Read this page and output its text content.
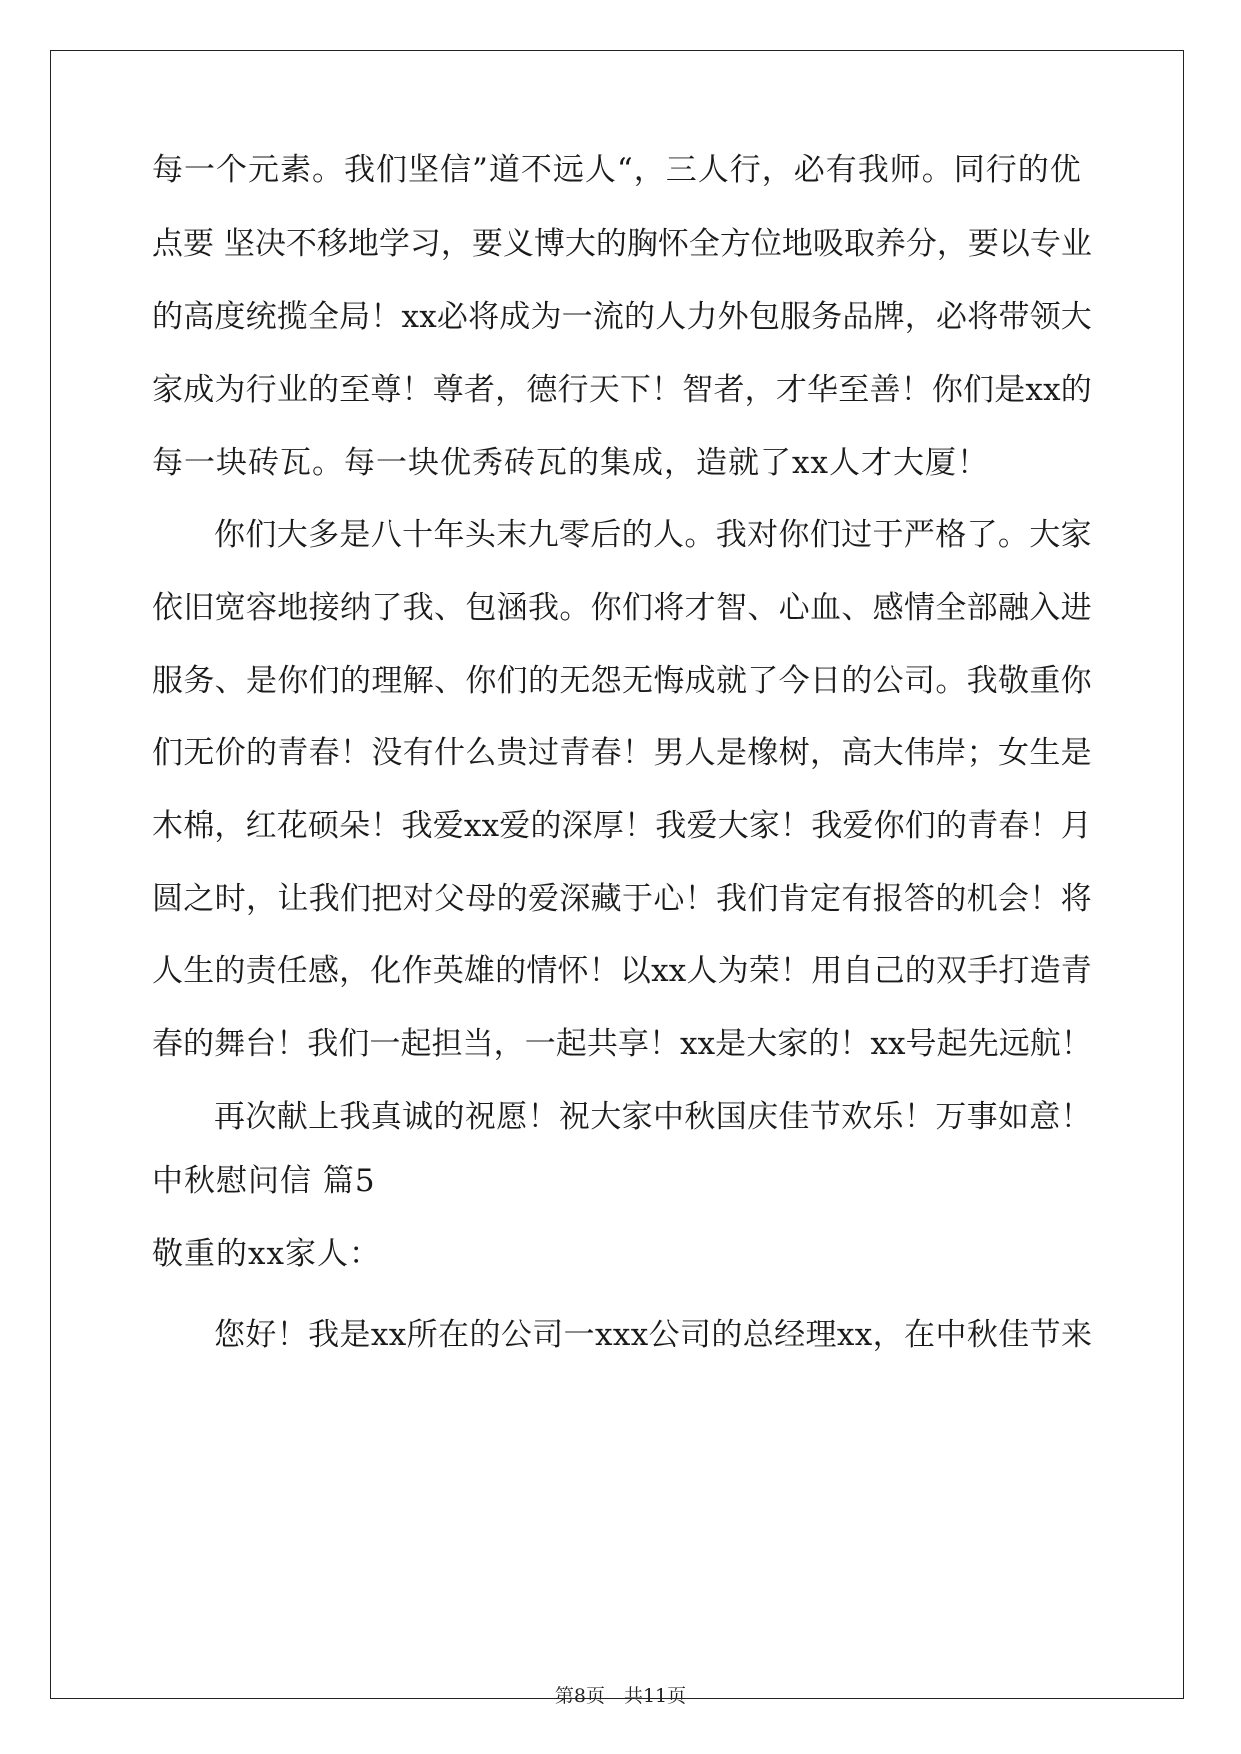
每一个元素。我们坚信”道不远人“，三人行，必有我师。同行的优
点要 坚决不移地学习，要义博大的胸怀全方位地吸取养分，要以专业
的高度统揽全局！xx必将成为一流的人力外包服务品牌，必将带领大
家成为行业的至尊！尊者，德行天下！智者，才华至善！你们是xx的
每一块砖瓦。每一块优秀砖瓦的集成，造就了xx人才大厦！
你们大多是八十年头末九零后的人。我对你们过于严格了。大家
依旧宽容地接纳了我、包涵我。你们将才智、心血、感情全部融入进
服务、是你们的理解、你们的无怨无悔成就了今日的公司。我敬重你
们无价的青春！没有什么贵过青春！男人是橡树，高大伟岸；女生是
木棉，红花硕朵！我爱xx爱的深厚！我爱大家！我爱你们的青春！月
圆之时，让我们把对父母的爱深藏于心！我们肯定有报答的机会！将
人生的责任感，化作英雄的情怀！以xx人为荣！用自己的双手打造青
春的舞台！我们一起担当，一起共享！xx是大家的！xx号起先远航！
再次献上我真诚的祝愿！祝大家中秋国庆佳节欢乐！万事如意！
中秋慰问信 篇5
敬重的xx家人：
您好！我是xx所在的公司一xxx公司的总经理xx，在中秋佳节来
第8页　共11页
